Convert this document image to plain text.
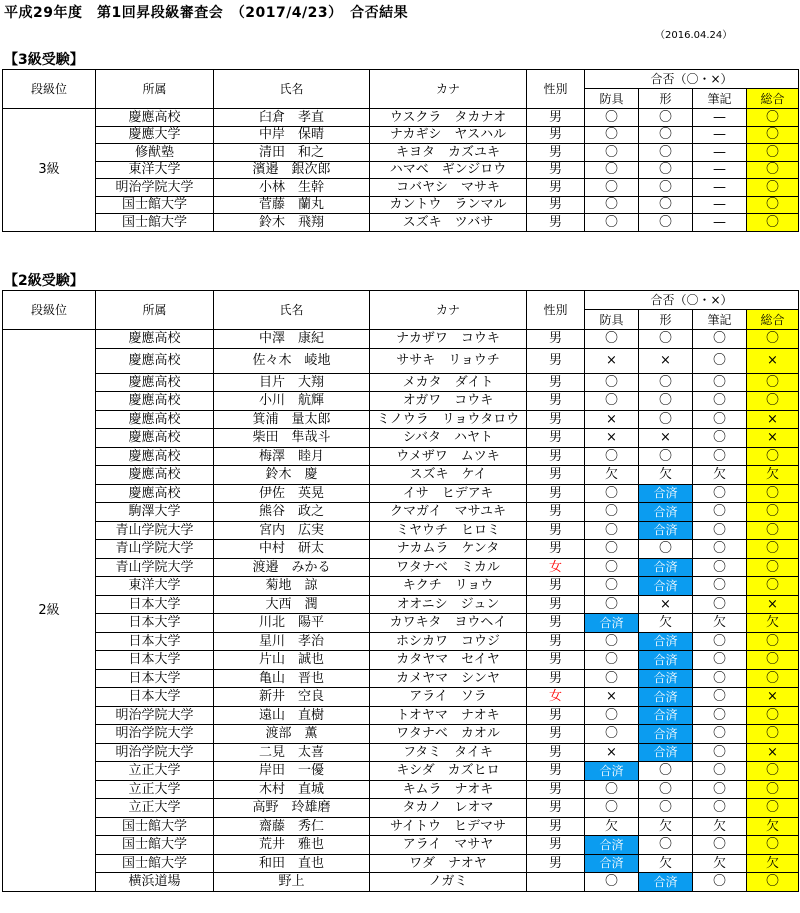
平成29年度　第1回昇段級審査会　（2017/4/23）　合否結果
（2016.04.24）
【3級受験】
段級位	所属	氏名	カナ	性別	合否（〇・×）			
					防具	形	筆記	総合
3級	慶應高校	臼倉　孝直	ウスクラ　タカナオ	男	〇	〇	—	〇
	慶應大学	中岸　保晴	ナカギシ　ヤスハル	男	〇	〇	—	〇
	修猷塾	清田　和之	キヨタ　カズユキ	男	〇	〇	—	〇
	東洋大学	濱邉　銀次郎	ハマベ　ギンジロウ	男	〇	〇	—	〇
	明治学院大学	小林　生幹	コバヤシ　マサキ	男	〇	〇	—	〇
	国士館大学	菅藤　蘭丸	カントウ　ランマル	男	〇	〇	—	〇
	国士館大学	鈴木　飛翔	スズキ　ツバサ	男	〇	〇	—	〇
【2級受験】
段級位	所属	氏名	カナ	性別	合否（〇・×）			
					防具	形	筆記	総合
2級	慶應高校	中澤　康紀	ナカザワ　コウキ	男	〇	〇	〇	〇
	慶應高校	佐々木　崚地	ササキ　リョウチ	男	×	×	〇	×
	慶應高校	目片　大翔	メカタ　ダイト	男	〇	〇	〇	〇
	慶應高校	小川　航輝	オガワ　コウキ	男	〇	〇	〇	〇
	慶應高校	箕浦　量太郎	ミノウラ　リョウタロウ	男	×	〇	〇	×
	慶應高校	柴田　隼哉斗	シバタ　ハヤト	男	×	×	〇	×
	慶應高校	梅澤　睦月	ウメザワ　ムツキ	男	〇	〇	〇	〇
	慶應高校	鈴木　慶	スズキ　ケイ	男	欠	欠	欠	欠
	慶應高校	伊佐　英晃	イサ　ヒデアキ	男	〇	合済	〇	〇
	駒澤大学	熊谷　政之	クマガイ　マサユキ	男	〇	合済	〇	〇
	青山学院大学	宮内　広実	ミヤウチ　ヒロミ	男	〇	合済	〇	〇
	青山学院大学	中村　研太	ナカムラ　ケンタ	男	〇	〇	〇	〇
	青山学院大学	渡邉　みかる	ワタナベ　ミカル	女	〇	合済	〇	〇
	東洋大学	菊地　諒	キクチ　リョウ	男	〇	合済	〇	〇
	日本大学	大西　潤	オオニシ　ジュン	男	〇	×	〇	×
	日本大学	川北　陽平	カワキタ　ヨウヘイ	男	合済	欠	欠	欠
	日本大学	星川　孝治	ホシカワ　コウジ	男	〇	合済	〇	〇
	日本大学	片山　誠也	カタヤマ　セイヤ	男	〇	合済	〇	〇
	日本大学	亀山　晋也	カメヤマ　シンヤ	男	〇	合済	〇	〇
	日本大学	新井　空良	アライ　ソラ	女	×	合済	〇	×
	明治学院大学	遠山　直樹	トオヤマ　ナオキ	男	〇	合済	〇	〇
	明治学院大学	渡部　薫	ワタナベ　カオル	男	〇	合済	〇	〇
	明治学院大学	二見　太喜	フタミ　タイキ	男	×	合済	〇	×
	立正大学	岸田　一優	キシダ　カズヒロ	男	合済	〇	〇	〇
	立正大学	木村　直城	キムラ　ナオキ	男	〇	〇	〇	〇
	立正大学	高野　玲雄磨	タカノ　レオマ	男	〇	〇	〇	〇
	国士館大学	齋藤　秀仁	サイトウ　ヒデマサ	男	欠	欠	欠	欠
	国士館大学	荒井　雅也	アライ　マサヤ	男	合済	〇	〇	〇
	国士館大学	和田　直也	ワダ　ナオヤ	男	合済	欠	欠	欠
	横浜道場	野上	ノガミ		〇	合済	〇	〇
